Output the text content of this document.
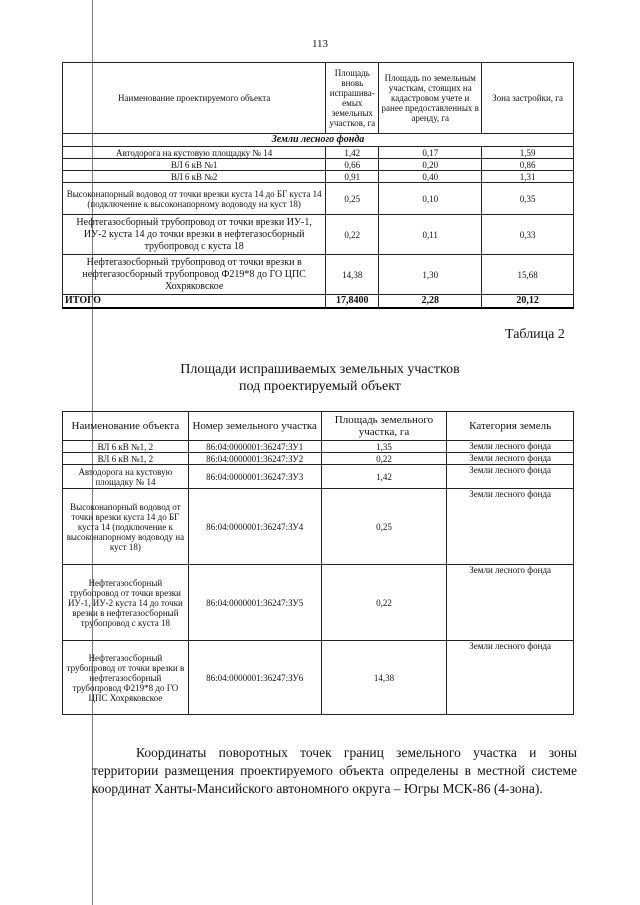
113
Наименование проектируемого объекта	Площадь вновь испрашива-емых земельных участков, га	Площадь по земельным участкам, стоящих на кадастровом учете и ранее предоставленных в аренду, га	Зона застройки, га
Земли лесного фонда			
Автодорога на кустовую площадку № 14	1,42	0,17	1,59
ВЛ 6 кВ №1	0,66	0,20	0,86
ВЛ 6 кВ №2	0,91	0,40	1,31
Высоконапорный водовод от точки врезки куста 14 до БГ куста 14 (подключение к высоконапорному водоводу на куст 18)	0,25	0,10	0,35
Нефтегазосборный трубопровод от точки врезки ИУ-1, ИУ-2 куста 14 до точки врезки в нефтегазосборный трубопровод с куста 18	0,22	0,11	0,33
Нефтегазосборный трубопровод от точки врезки в нефтегазосборный трубопровод Ф219*8 до ГО ЦПС Хохряковское	14,38	1,30	15,68
ИТОГО	17,8400	2,28	20,12
Таблица 2
Площади испрашиваемых земельных участков
под проектируемый объект
Наименование объекта	Номер земельного участка	Площадь земельного участка, га	Категория земель
ВЛ 6 кВ №1, 2	86:04:0000001:36247:ЗУ1	1,35	Земли лесного фонда
ВЛ 6 кВ №1, 2	86:04:0000001:36247:ЗУ2	0,22	Земли лесного фонда
Автодорога на кустовую площадку № 14	86:04:0000001:36247:ЗУ3	1,42	Земли лесного фонда
Высоконапорный водовод от точки врезки куста 14 до БГ куста 14 (подключение к высоконапорному водоводу на куст 18)	86:04:0000001:36247:ЗУ4	0,25	Земли лесного фонда
Нефтегазосборный трубопровод от точки врезки ИУ-1, ИУ-2 куста 14 до точки врезки в нефтегазосборный трубопровод с куста 18	86:04:0000001:36247:ЗУ5	0,22	Земли лесного фонда
Нефтегазосборный трубопровод от точки врезки в нефтегазосборный трубопровод Ф219*8 до ГО ЦПС Хохряковское	86:04:0000001:36247:ЗУ6	14,38	Земли лесного фонда
Координаты поворотных точек границ земельного участка и зоны территории размещения проектируемого объекта определены в местной системе координат Ханты-Мансийского автономного округа – Югры МСК-86 (4-зона).
